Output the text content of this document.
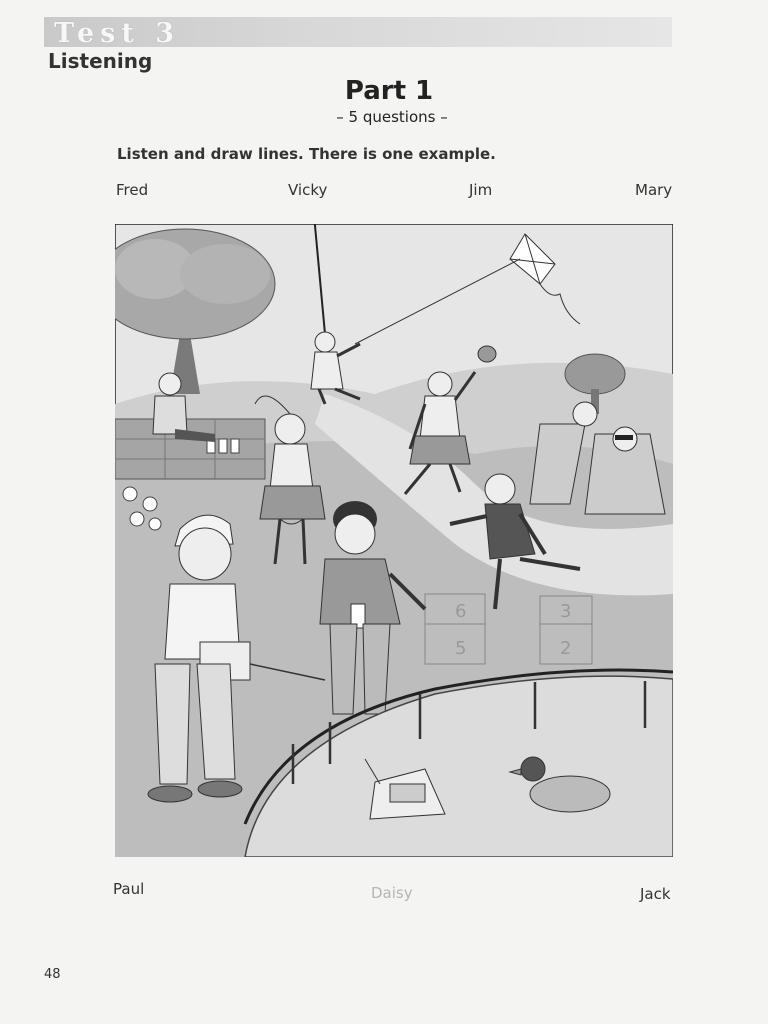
Test 3
Listening
Part 1
– 5 questions –
Listen and draw lines. There is one example.
Fred	Vicky	Jim	Mary
6	3
5	2
Paul	Daisy	Jack
48
